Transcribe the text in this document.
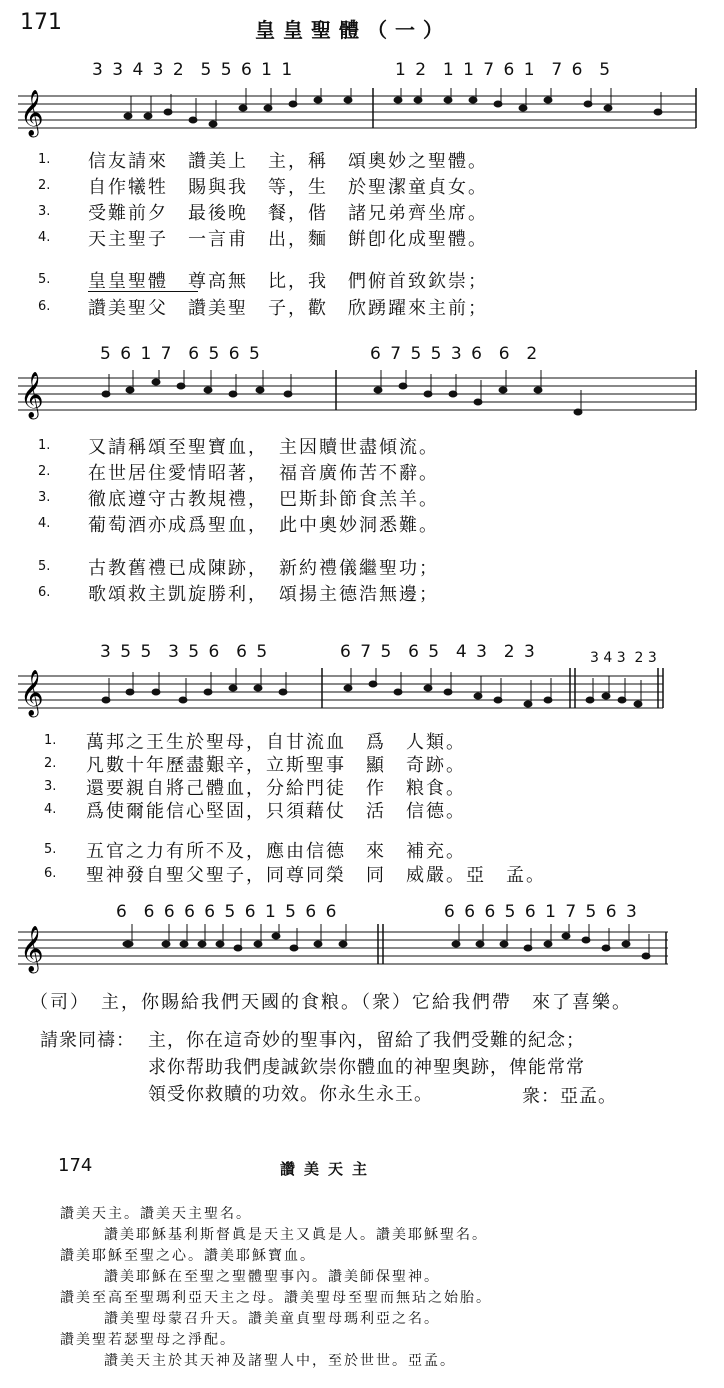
171	皇皇聖體（一）
3 3 4 3 2  5 5 6 1 1	1 2  1 1 7 6 1  7 6  5
𝄞
1. 信友請來　讚美上　主，稱　頌奧妙之聖體。
2. 自作犧牲　賜與我　等，生　於聖潔童貞女。
3. 受難前夕　最後晚　餐，偕　諸兄弟齊坐席。
4. 天主聖子　一言甫　出，麵　餠卽化成聖體。
5. 皇皇聖體　尊高無　比，我　們俯首致欽崇；
6. 讚美聖父　讚美聖　子，歡　欣踴躍來主前；
5 6 1 7  6 5 6 5	6 7 5 5 3 6  6  2
𝄞
1. 又請稱頌至聖寶血，　主因贖世盡傾流。
2. 在世居住愛情昭著，　福音廣佈苦不辭。
3. 徹底遵守古教規禮，　巴斯卦節食羔羊。
4. 葡萄酒亦成爲聖血，　此中奧妙洞悉難。
5. 古教舊禮已成陳跡，　新約禮儀繼聖功；
6. 歌頌救主凱旋勝利，　頌揚主德浩無邊；
3 5 5  3 5 6  6 5	6 7 5  6 5  4 3  2 3	3 4 3  2 3
𝄞
1. 萬邦之王生於聖母，自甘流血　爲　人類。
2. 凡數十年歷盡艱辛，立斯聖事　顯　奇跡。
3. 還要親自將己體血，分給門徒　作　粮食。
4. 爲使爾能信心堅固，只須藉仗　活　信德。
5. 五官之力有所不及，應由信德　來　補充。
6. 聖神發自聖父聖子，同尊同榮　同　威嚴。亞　孟。
6  6 6 6 6 5 6 1 5 6 6	6 6 6 5 6 1 7 5 6 3
𝄞
（司）　主，你賜給我們天國的食粮。（衆）它給我們帶　來了喜樂。
請衆同禱： 主，你在這奇妙的聖事內，留給了我們受難的紀念；
求你帮助我們虔誠欽崇你體血的神聖奥跡，俾能常常
領受你救贖的功效。你永生永王。	衆：亞孟。
174	讚美天主
讚美天主。讚美天主聖名。
讚美耶穌基利斯督眞是天主又眞是人。讚美耶穌聖名。
讚美耶穌至聖之心。讚美耶穌寶血。
讚美耶穌在至聖之聖體聖事內。讚美師保聖神。
讚美至高至聖瑪利亞天主之母。讚美聖母至聖而無玷之始胎。
讚美聖母蒙召升天。讚美童貞聖母瑪利亞之名。
讚美聖若瑟聖母之淨配。
讚美天主於其天神及諸聖人中，至於世世。亞孟。
